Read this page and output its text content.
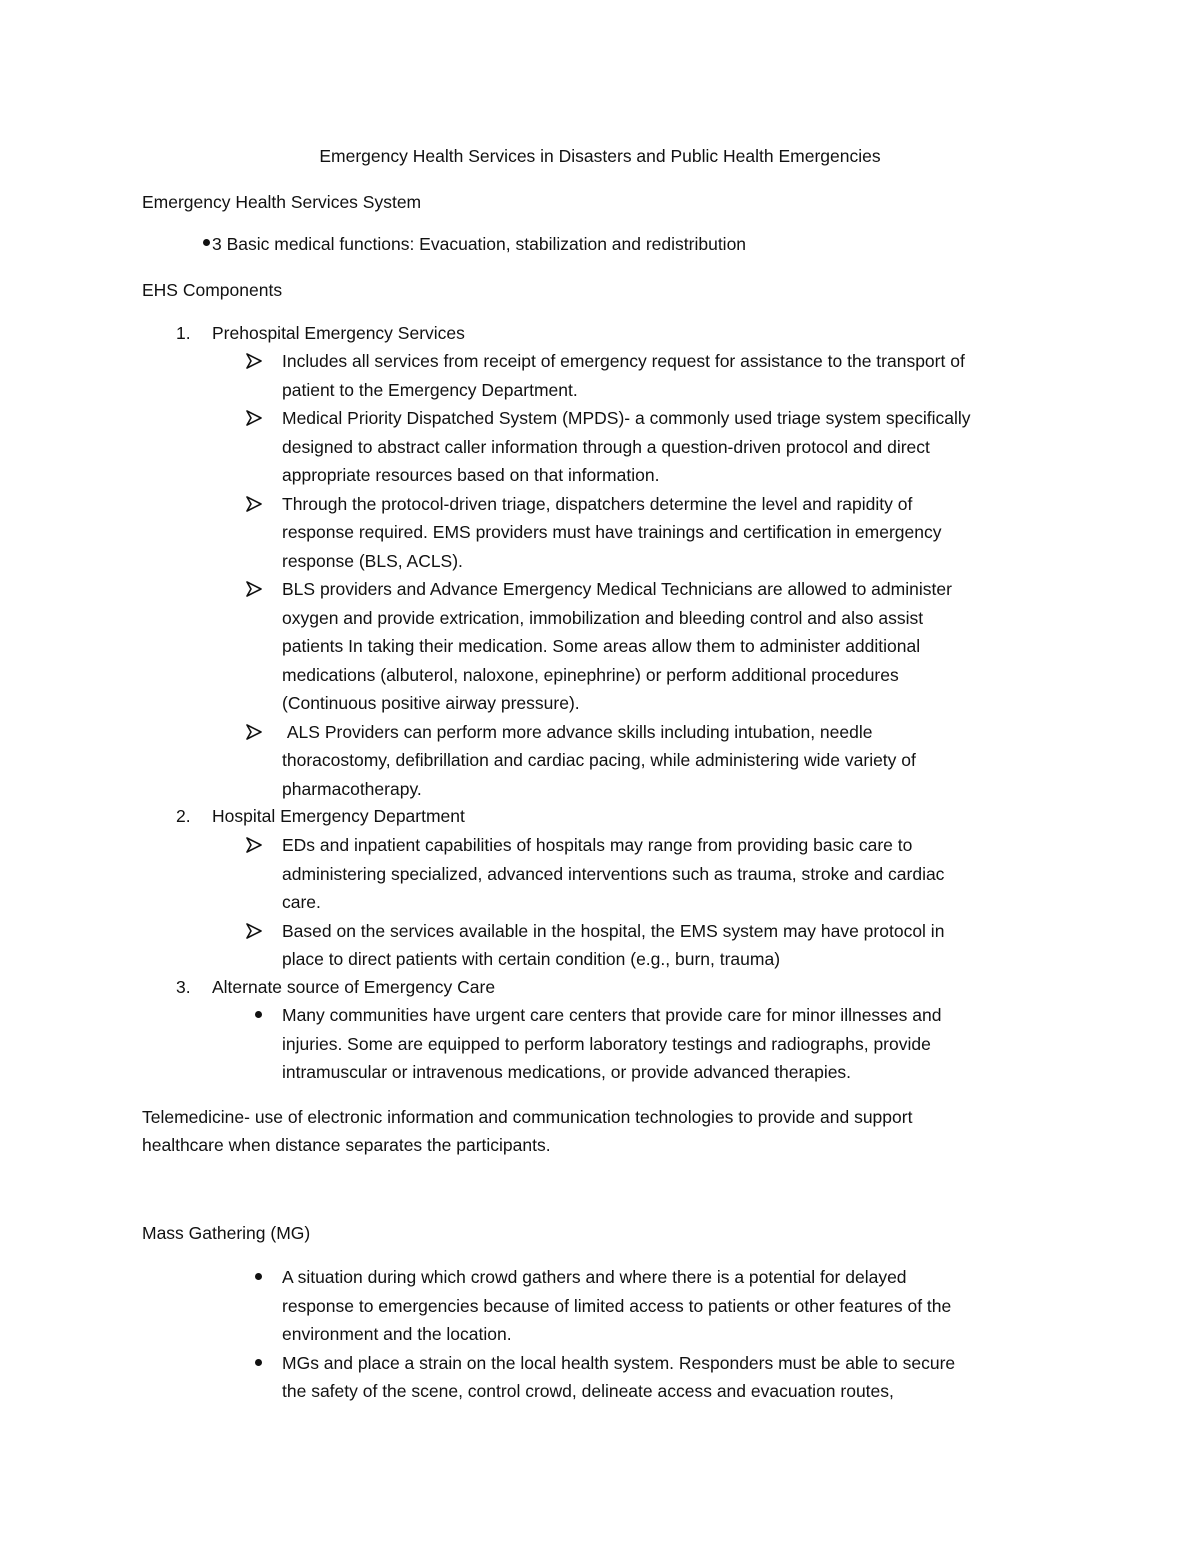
Emergency Health Services in Disasters and Public Health Emergencies
Emergency Health Services System
3 Basic medical functions: Evacuation, stabilization and redistribution
EHS Components
1. Prehospital Emergency Services
Includes all services from receipt of emergency request for assistance to the transport of
patient to the Emergency Department.
Medical Priority Dispatched System (MPDS)- a commonly used triage system specifically
designed to abstract caller information through a question-driven protocol and direct
appropriate resources based on that information.
Through the protocol-driven triage, dispatchers determine the level and rapidity of
response required. EMS providers must have trainings and certification in emergency
response (BLS, ACLS).
BLS providers and Advance Emergency Medical Technicians are allowed to administer
oxygen and provide extrication, immobilization and bleeding control and also assist
patients In taking their medication. Some areas allow them to administer additional
medications (albuterol, naloxone, epinephrine) or perform additional procedures
(Continuous positive airway pressure).
ALS Providers can perform more advance skills including intubation, needle
thoracostomy, defibrillation and cardiac pacing, while administering wide variety of
pharmacotherapy.
2. Hospital Emergency Department
EDs and inpatient capabilities of hospitals may range from providing basic care to
administering specialized, advanced interventions such as trauma, stroke and cardiac
care.
Based on the services available in the hospital, the EMS system may have protocol in
place to direct patients with certain condition (e.g., burn, trauma)
3. Alternate source of Emergency Care
Many communities have urgent care centers that provide care for minor illnesses and
injuries. Some are equipped to perform laboratory testings and radiographs, provide
intramuscular or intravenous medications, or provide advanced therapies.
Telemedicine- use of electronic information and communication technologies to provide and support
healthcare when distance separates the participants.
Mass Gathering (MG)
A situation during which crowd gathers and where there is a potential for delayed
response to emergencies because of limited access to patients or other features of the
environment and the location.
MGs and place a strain on the local health system. Responders must be able to secure
the safety of the scene, control crowd, delineate access and evacuation routes,
